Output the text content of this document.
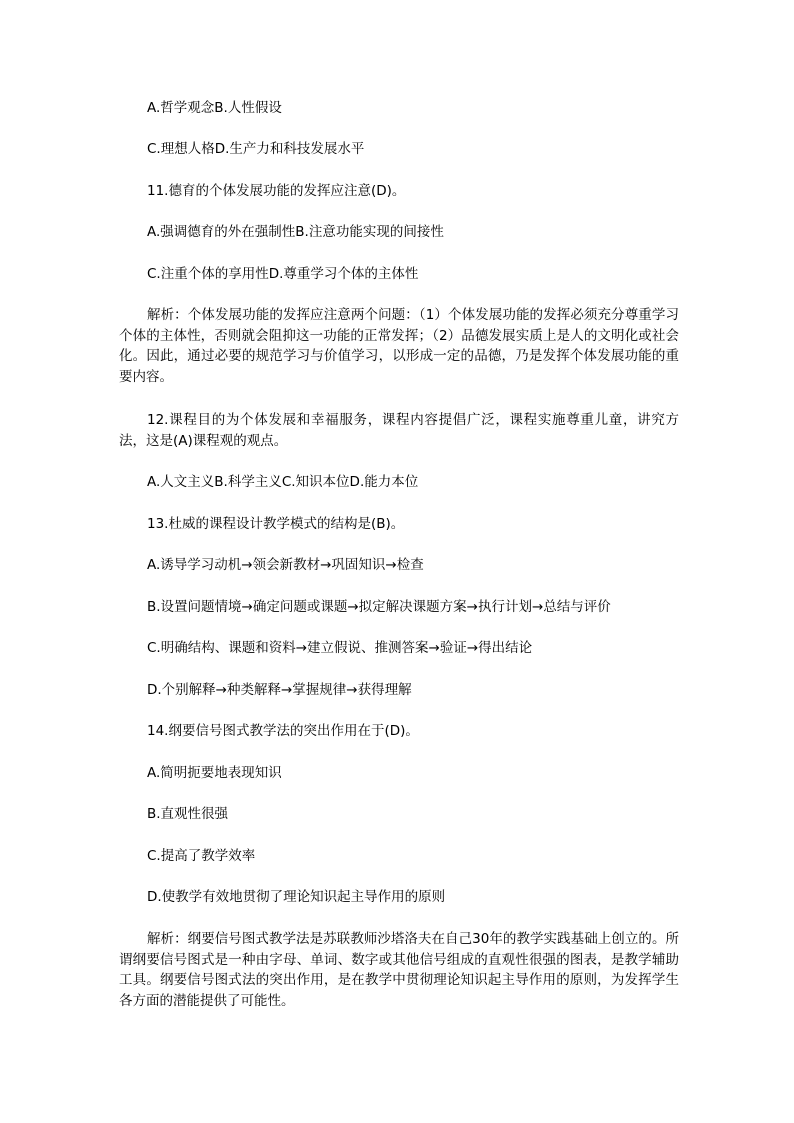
A.哲学观念B.人性假设
C.理想人格D.生产力和科技发展水平
11.德育的个体发展功能的发挥应注意(D)。
A.强调德育的外在强制性B.注意功能实现的间接性
C.注重个体的享用性D.尊重学习个体的主体性
解析：个体发展功能的发挥应注意两个问题：（1）个体发展功能的发挥必须充分尊重学习个体的主体性，否则就会阻抑这一功能的正常发挥；（2）品德发展实质上是人的文明化或社会化。因此，通过必要的规范学习与价值学习，以形成一定的品德，乃是发挥个体发展功能的重要内容。
12.课程目的为个体发展和幸福服务，课程内容提倡广泛，课程实施尊重儿童，讲究方法，这是(A)课程观的观点。
A.人文主义B.科学主义C.知识本位D.能力本位
13.杜威的课程设计教学模式的结构是(B)。
A.诱导学习动机→领会新教材→巩固知识→检查
B.设置问题情境→确定问题或课题→拟定解决课题方案→执行计划→总结与评价
C.明确结构、课题和资料→建立假说、推测答案→验证→得出结论
D.个别解释→种类解释→掌握规律→获得理解
14.纲要信号图式教学法的突出作用在于(D)。
A.简明扼要地表现知识
B.直观性很强
C.提高了教学效率
D.使教学有效地贯彻了理论知识起主导作用的原则
解析：纲要信号图式教学法是苏联教师沙塔洛夫在自己30年的教学实践基础上创立的。所谓纲要信号图式是一种由字母、单词、数字或其他信号组成的直观性很强的图表，是教学辅助工具。纲要信号图式法的突出作用，是在教学中贯彻理论知识起主导作用的原则，为发挥学生各方面的潜能提供了可能性。
